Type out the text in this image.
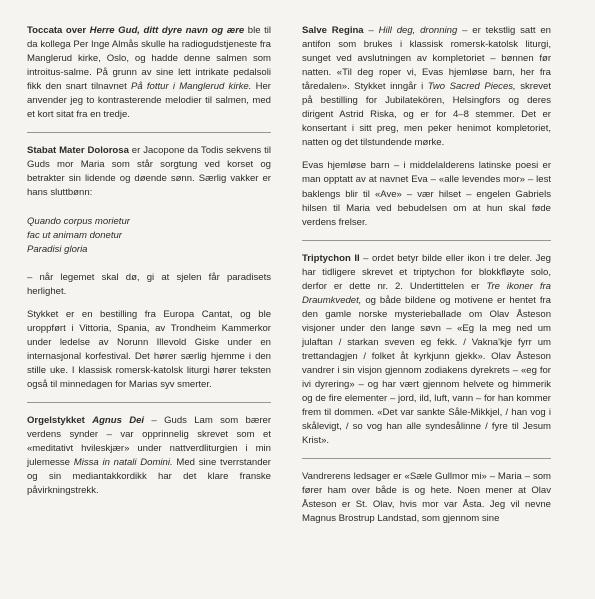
Toccata over Herre Gud, ditt dyre navn og ære ble til da kollega Per Inge Almås skulle ha radiogudstjeneste fra Manglerud kirke, Oslo, og hadde denne salmen som introitus-salme. På grunn av sine lett intrikate pedalsoli fikk den snart tilnavnet På fottur i Manglerud kirke. Her anvender jeg to kontrasterende melodier til salmen, med et kort sitat fra en tredje.

Stabat Mater Dolorosa er Jacopone da Todis sekvens til Guds mor Maria som står sorgtung ved korset og betrakter sin lidende og døende sønn. Særlig vakker er hans sluttbønn:

Quando corpus morietur
fac ut animam donetur
Paradisi gloria

– når legemet skal dø, gi at sjelen får paradisets herlighet.

Stykket er en bestilling fra Europa Cantat, og ble uroppført i Vittoria, Spania, av Trondheim Kammerkor under ledelse av Norunn Illevold Giske under en internasjonal korfestival. Det hører særlig hjemme i den stille uke. I klassisk romersk-katolsk liturgi hører teksten også til minnedagen for Marias syv smerter.

Orgelstykket Agnus Dei – Guds Lam som bærer verdens synder – var opprinnelig skrevet som et «meditativt hvileskjær» under nattverdliturgien i min julemesse Missa in natali Domini. Med sine tverrstander og sin mediantakkordikk har det klare franske påvirkningstrekk.

Salve Regina – Hill deg, dronning – er tekstlig satt en antifon som brukes i klassisk romersk-katolsk liturgi, sunget ved avslutningen av kompletoriet – bønnen før natten. «Til deg roper vi, Evas hjemløse barn, her fra tåredalen». Stykket inngår i Two Sacred Pieces, skrevet på bestilling for Jubilatekören, Helsingfors og deres dirigent Astrid Riska, og er for 4–8 stemmer. Det er konsertant i sitt preg, men peker henimot kompletoriet, natten og det tilstundende mørke.

Evas hjemløse barn – i middelalderens latinske poesi er man opptatt av at navnet Eva – «alle levendes mor» – lest baklengs blir til «Ave» – vær hilset – engelen Gabriels hilsen til Maria ved bebudelsen om at hun skal føde verdens frelser.

Triptychon II – ordet betyr bilde eller ikon i tre deler. Jeg har tidligere skrevet et triptychon for blokkfløyte solo, derfor er dette nr. 2. Undertittelen er Tre ikoner fra Draumkvedet, og både bildene og motivene er hentet fra den gamle norske mysterieballade om Olav Åsteson visjoner under den lange søvn – «Eg la meg ned um julaftan / starkan sv‌even eg fekk. / Vakna'kje fyrr um trettandagjen / folket åt kyrkjunn gjekk». Olav Åsteson vandrer i sin visjon gjennom zodiakens dyrekrets – «eg for ivi dyrering» – og har vært gjennom helvete og himmerik og de fire elementer – jord, ild, luft, vann – for han kommer frem til dommen. «Det var sankte Såle-Mikkjel, / han vog i skålevigt, / so vog han alle syndesålinne / fyre til Jesum Krist».

Vandrerens ledsager er «Sæle Gullmor mi» – Maria – som fører ham over både is og hete. Noen mener at Olav Åsteson er St. Olav, hvis mor var Åsta. Jeg vil nevne Magnus Brostrup Landstad, som gjennom sine
